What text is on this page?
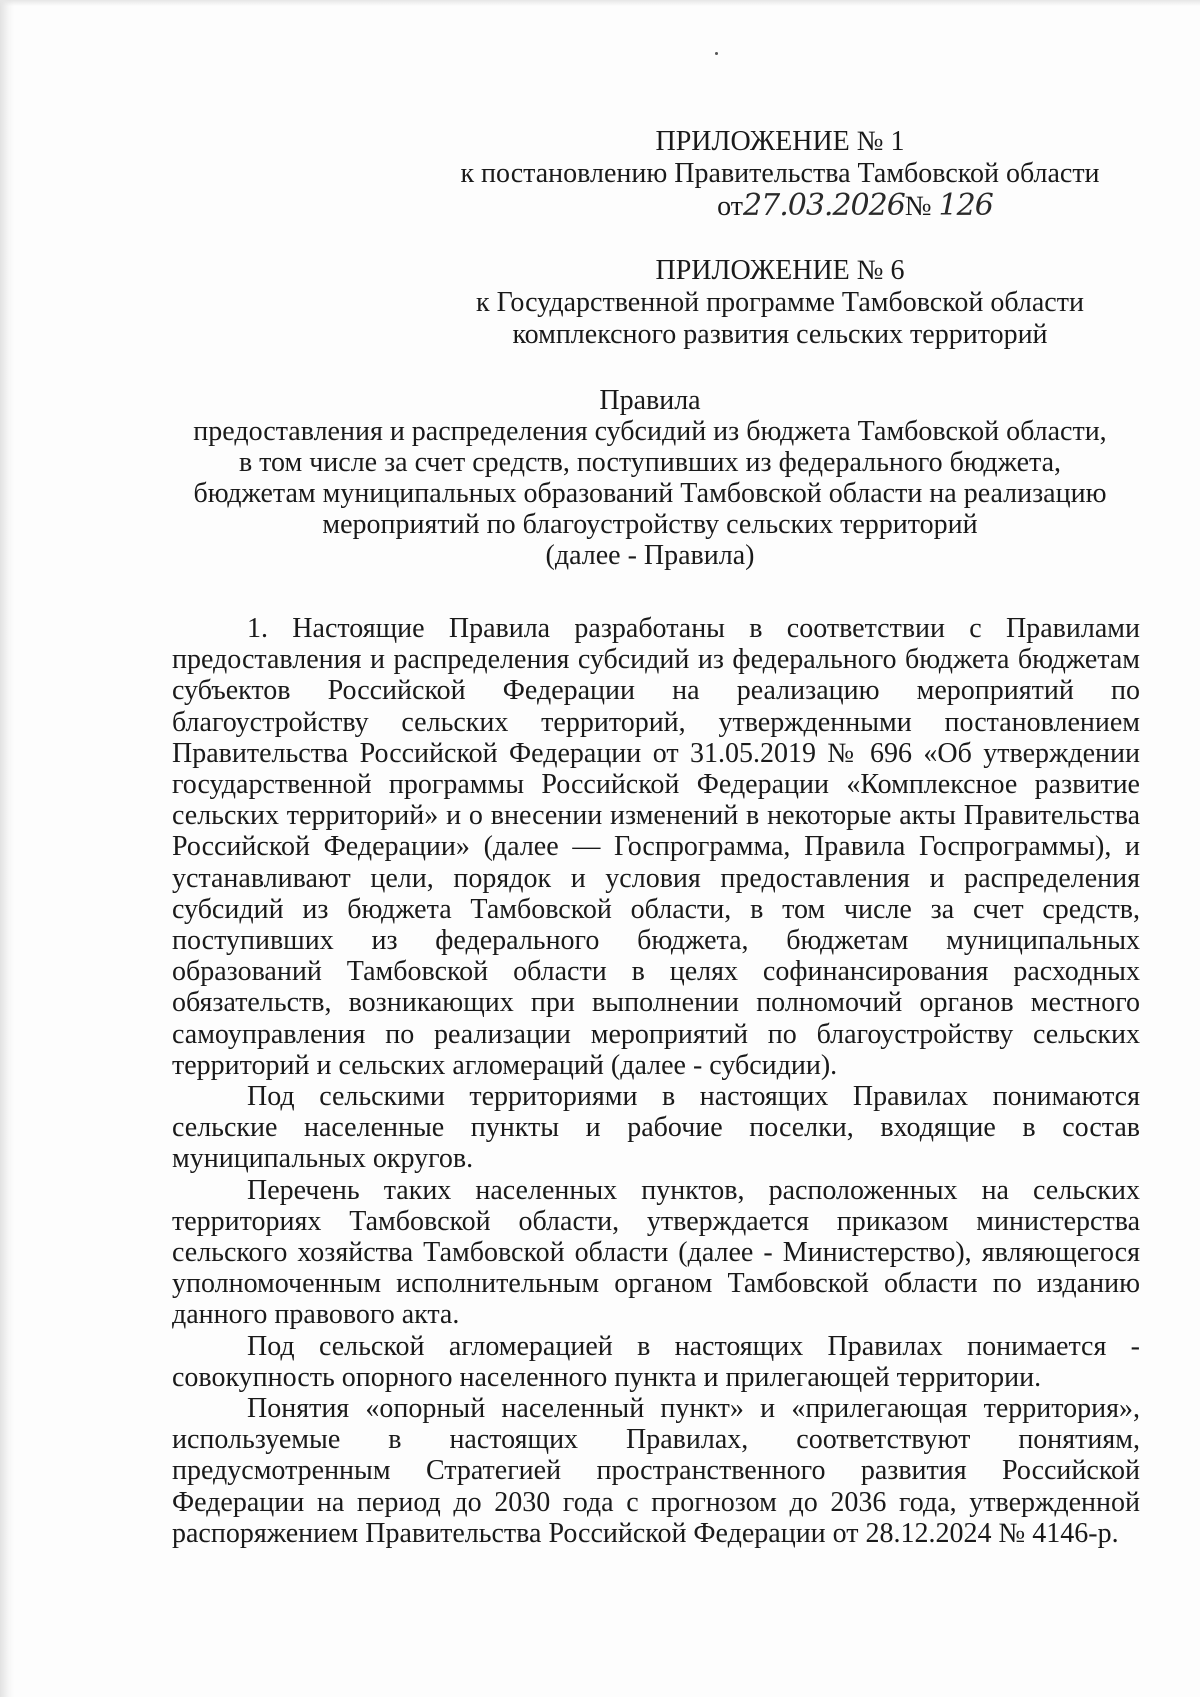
ПРИЛОЖЕНИЕ № 1
к постановлению Правительства Тамбовской области
от27.03.2026№ 126
ПРИЛОЖЕНИЕ № 6
к Государственной программе Тамбовской области
комплексного развития сельских территорий
Правила
предоставления и распределения субсидий из бюджета Тамбовской области,
в том числе за счет средств, поступивших из федерального бюджета,
бюджетам муниципальных образований Тамбовской области на реализацию
мероприятий по благоустройству сельских территорий
(далее - Правила)

1. Настоящие Правила разработаны в соответствии с Правилами предоставления и распределения субсидий из федерального бюджета бюджетам субъектов Российской Федерации на реализацию мероприятий по благоустройству сельских территорий, утвержденными постановлением Правительства Российской Федерации от 31.05.2019 № 696 «Об утверждении государственной программы Российской Федерации «Комплексное развитие сельских территорий» и о внесении изменений в некоторые акты Правительства Российской Федерации» (далее — Госпрограмма, Правила Госпрограммы), и устанавливают цели, порядок и условия предоставления и распределения субсидий из бюджета Тамбовской области, в том числе за счет средств, поступивших из федерального бюджета, бюджетам муниципальных образований Тамбовской области в целях софинансирования расходных обязательств, возникающих при выполнении полномочий органов местного самоуправления по реализации мероприятий по благоустройству сельских территорий и сельских агломераций (далее - субсидии).

Под сельскими территориями в настоящих Правилах понимаются сельские населенные пункты и рабочие поселки, входящие в состав муниципальных округов.

Перечень таких населенных пунктов, расположенных на сельских территориях Тамбовской области, утверждается приказом министерства сельского хозяйства Тамбовской области (далее - Министерство), являющегося уполномоченным исполнительным органом Тамбовской области по изданию данного правового акта.

Под сельской агломерацией в настоящих Правилах понимается - совокупность опорного населенного пункта и прилегающей территории.

Понятия «опорный населенный пункт» и «прилегающая территория», используемые в настоящих Правилах, соответствуют понятиям, предусмотренным Стратегией пространственного развития Российской Федерации на период до 2030 года с прогнозом до 2036 года, утвержденной распоряжением Правительства Российской Федерации от 28.12.2024 № 4146-р.
